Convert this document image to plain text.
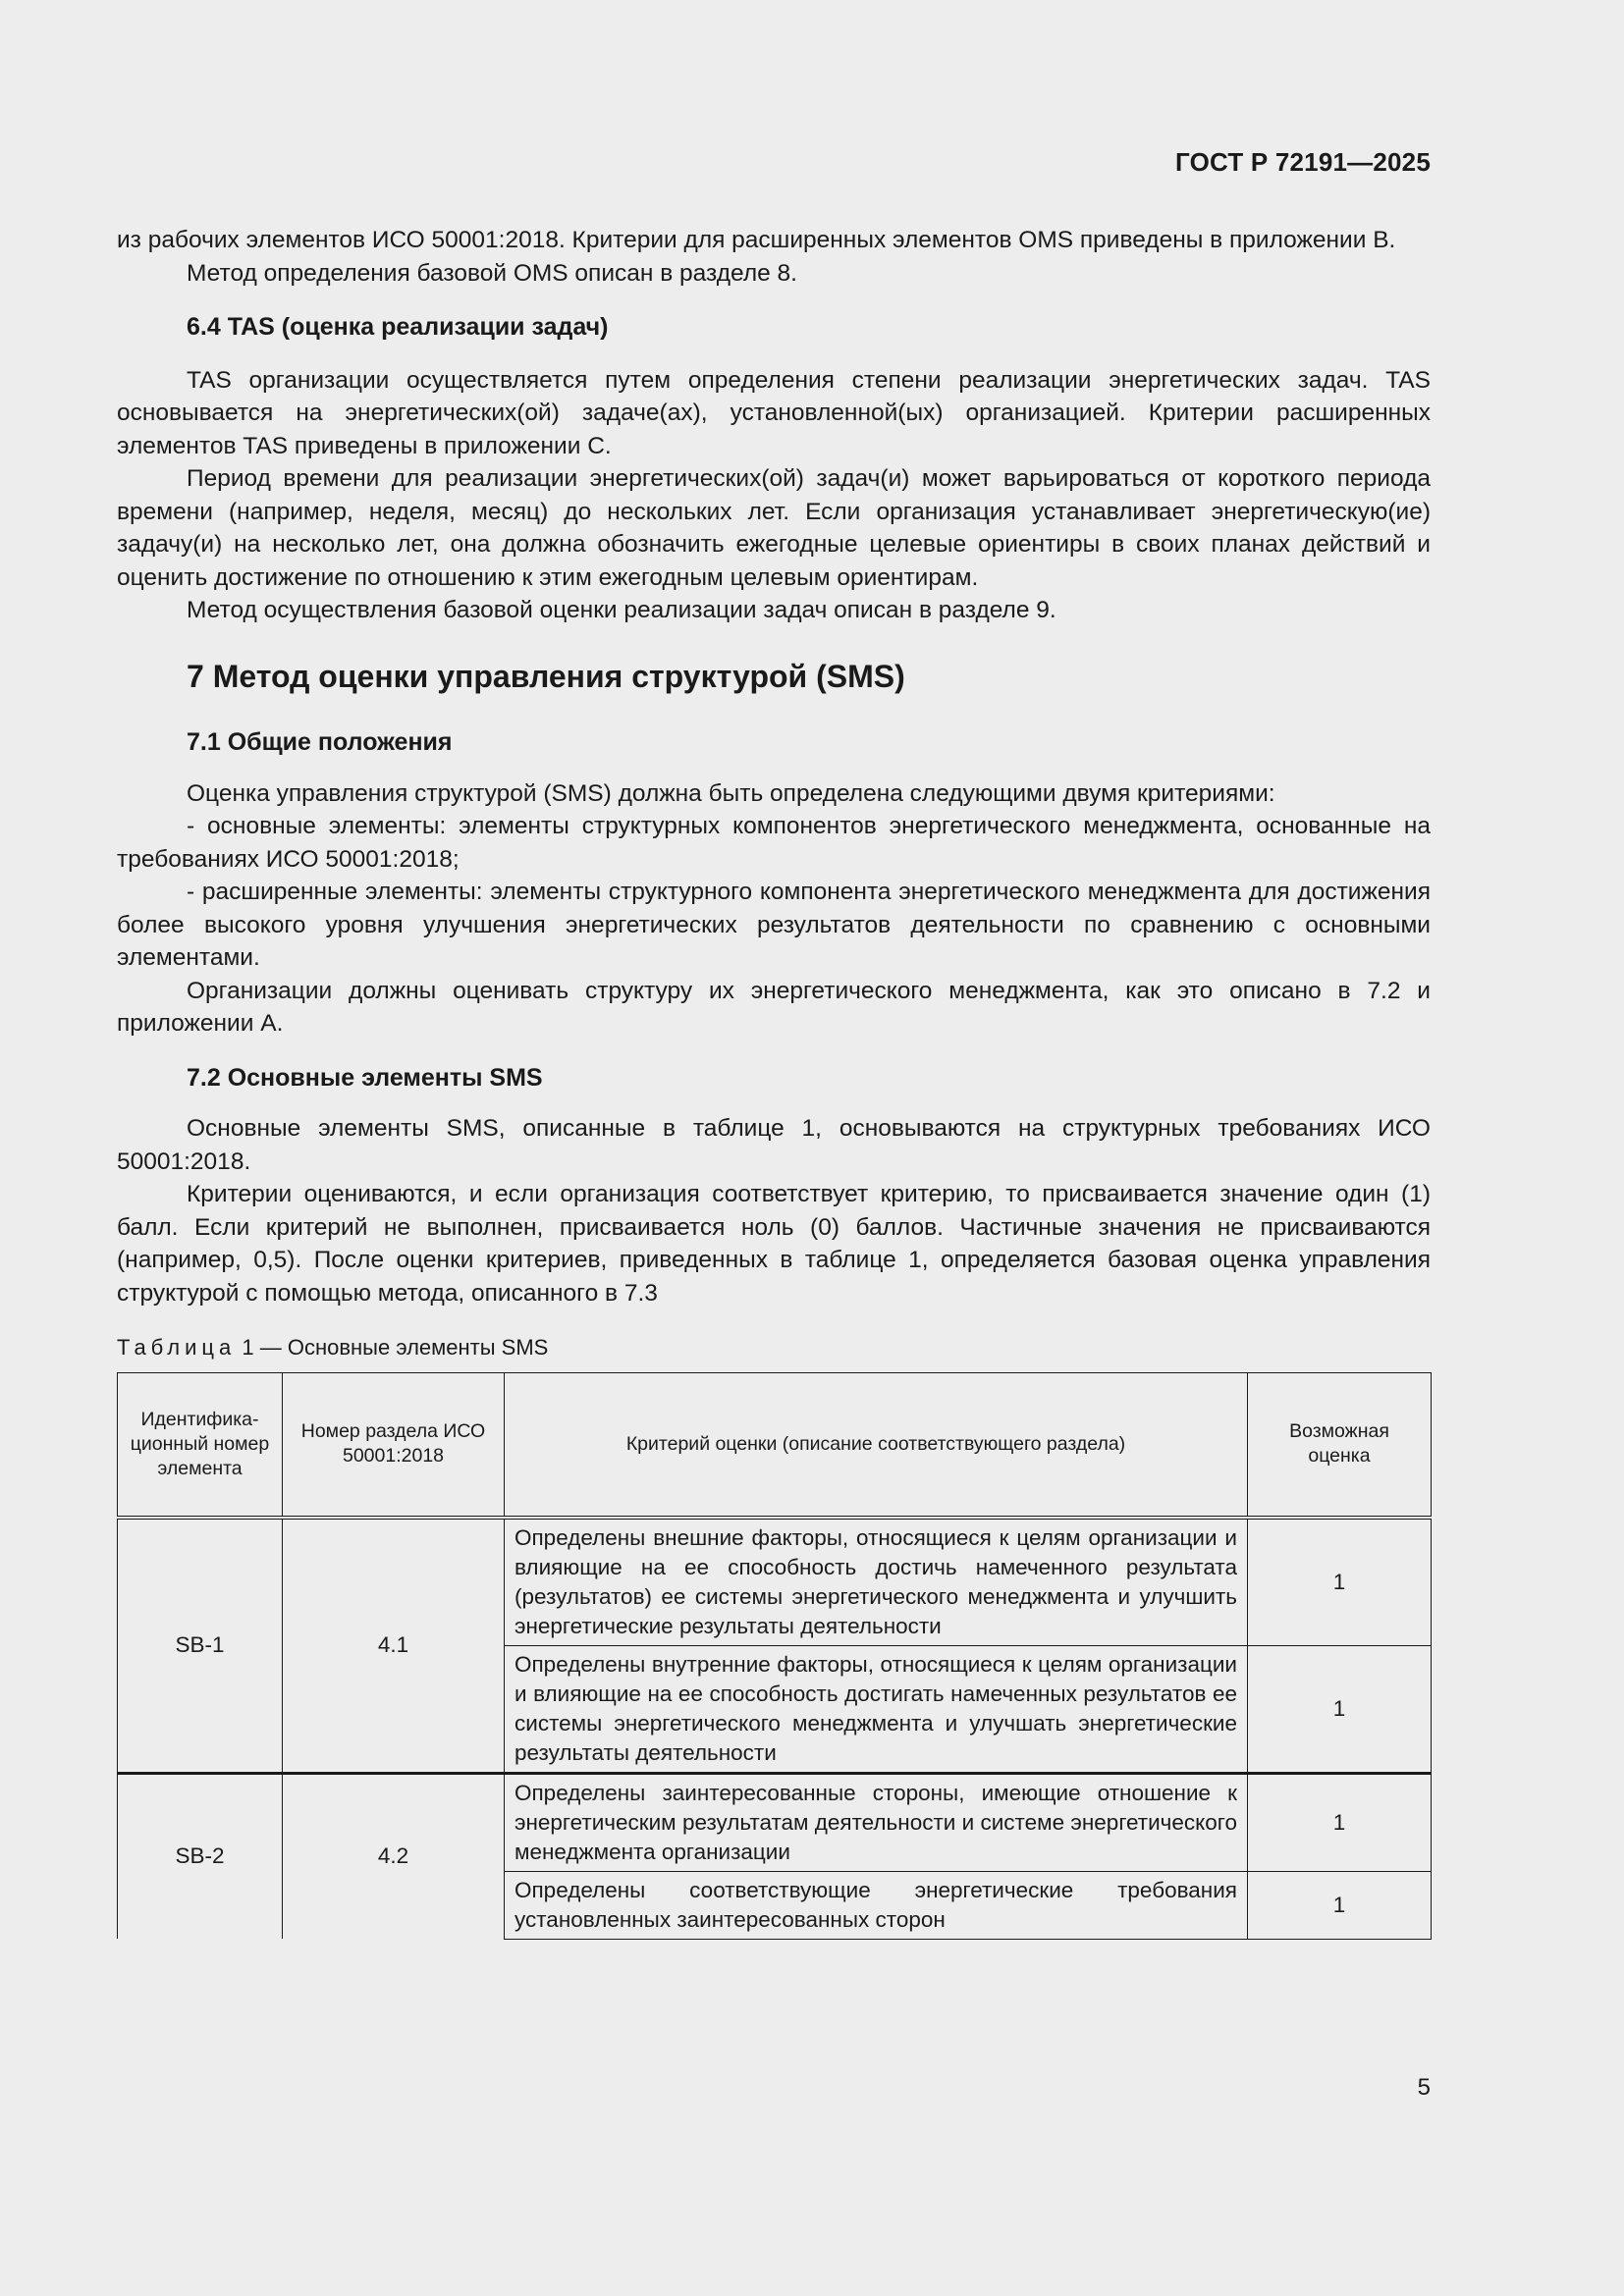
ГОСТ Р 72191—2025

из рабочих элементов ИСО 50001:2018. Критерии для расширенных элементов OMS приведены в приложении B.

Метод определения базовой OMS описан в разделе 8.

6.4 TAS (оценка реализации задач)

TAS организации осуществляется путем определения степени реализации энергетических задач. TAS основывается на энергетических(ой) задаче(ах), установленной(ых) организацией. Критерии расширенных элементов TAS приведены в приложении C.

Период времени для реализации энергетических(ой) задач(и) может варьироваться от короткого периода времени (например, неделя, месяц) до нескольких лет. Если организация устанавливает энергетическую(ие) задачу(и) на несколько лет, она должна обозначить ежегодные целевые ориентиры в своих планах действий и оценить достижение по отношению к этим ежегодным целевым ориентирам.

Метод осуществления базовой оценки реализации задач описан в разделе 9.

7 Метод оценки управления структурой (SMS)

7.1 Общие положения

Оценка управления структурой (SMS) должна быть определена следующими двумя критериями:

- основные элементы: элементы структурных компонентов энергетического менеджмента, основанные на требованиях ИСО 50001:2018;

- расширенные элементы: элементы структурного компонента энергетического менеджмента для достижения более высокого уровня улучшения энергетических результатов деятельности по сравнению с основными элементами.

Организации должны оценивать структуру их энергетического менеджмента, как это описано в 7.2 и приложении A.

7.2 Основные элементы SMS

Основные элементы SMS, описанные в таблице 1, основываются на структурных требованиях ИСО 50001:2018.

Критерии оцениваются, и если организация соответствует критерию, то присваивается значение один (1) балл. Если критерий не выполнен, присваивается ноль (0) баллов. Частичные значения не присваиваются (например, 0,5). После оценки критериев, приведенных в таблице 1, определяется базовая оценка управления структурой с помощью метода, описанного в 7.3

Таблица 1 — Основные элементы SMS

Идентифика-ционный номер элемента	Номер раздела ИСО 50001:2018	Критерий оценки (описание соответствующего раздела)	Возможная оценка
SB-1	4.1	Определены внешние факторы, относящиеся к целям организации и влияющие на ее способность достичь намеченного результата (результатов) ее системы энергетического менеджмента и улучшить энергетические результаты деятельности	1
		Определены внутренние факторы, относящиеся к целям организации и влияющие на ее способность достигать намеченных результатов ее системы энергетического менеджмента и улучшать энергетические результаты деятельности	1
SB-2	4.2	Определены заинтересованные стороны, имеющие отношение к энергетическим результатам деятельности и системе энергетического менеджмента организации	1
		Определены соответствующие энергетические требования установленных заинтересованных сторон	1
5
